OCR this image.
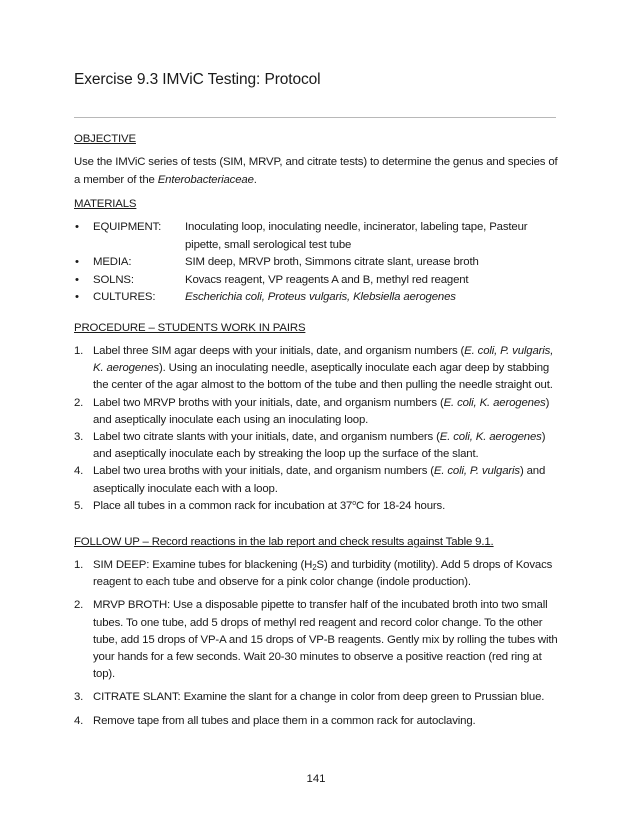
Exercise 9.3 IMViC Testing: Protocol
OBJECTIVE
Use the IMViC series of tests (SIM, MRVP, and citrate tests) to determine the genus and species of a member of the Enterobacteriaceae.
MATERIALS
• EQUIPMENT: Inoculating loop, inoculating needle, incinerator, labeling tape, Pasteur pipette, small serological test tube
• MEDIA:	SIM deep, MRVP broth, Simmons citrate slant, urease broth
• SOLNS:	Kovacs reagent, VP reagents A and B, methyl red reagent
• CULTURES:	Escherichia coli, Proteus vulgaris, Klebsiella aerogenes
PROCEDURE – STUDENTS WORK IN PAIRS
1. Label three SIM agar deeps with your initials, date, and organism numbers (E. coli, P. vulgaris, K. aerogenes). Using an inoculating needle, aseptically inoculate each agar deep by stabbing the center of the agar almost to the bottom of the tube and then pulling the needle straight out.
2. Label two MRVP broths with your initials, date, and organism numbers (E. coli, K. aerogenes) and aseptically inoculate each using an inoculating loop.
3. Label two citrate slants with your initials, date, and organism numbers (E. coli, K. aerogenes) and aseptically inoculate each by streaking the loop up the surface of the slant.
4. Label two urea broths with your initials, date, and organism numbers (E. coli, P. vulgaris) and aseptically inoculate each with a loop.
5. Place all tubes in a common rack for incubation at 37$^o$C for 18-24 hours.
FOLLOW UP – Record reactions in the lab report and check results against Table 9.1.
1. SIM DEEP: Examine tubes for blackening $(H_2S)$ and turbidity (motility). Add 5 drops of Kovacs reagent to each tube and observe for a pink color change (indole production).
2. MRVP BROTH: Use a disposable pipette to transfer half of the incubated broth into two small tubes. To one tube, add 5 drops of methyl red reagent and record color change. To the other tube, add 15 drops of VP-A and 15 drops of VP-B reagents. Gently mix by rolling the tubes with your hands for a few seconds. Wait 20-30 minutes to observe a positive reaction (red ring at top).
3. CITRATE SLANT: Examine the slant for a change in color from deep green to Prussian blue.
4. Remove tape from all tubes and place them in a common rack for autoclaving.
141
